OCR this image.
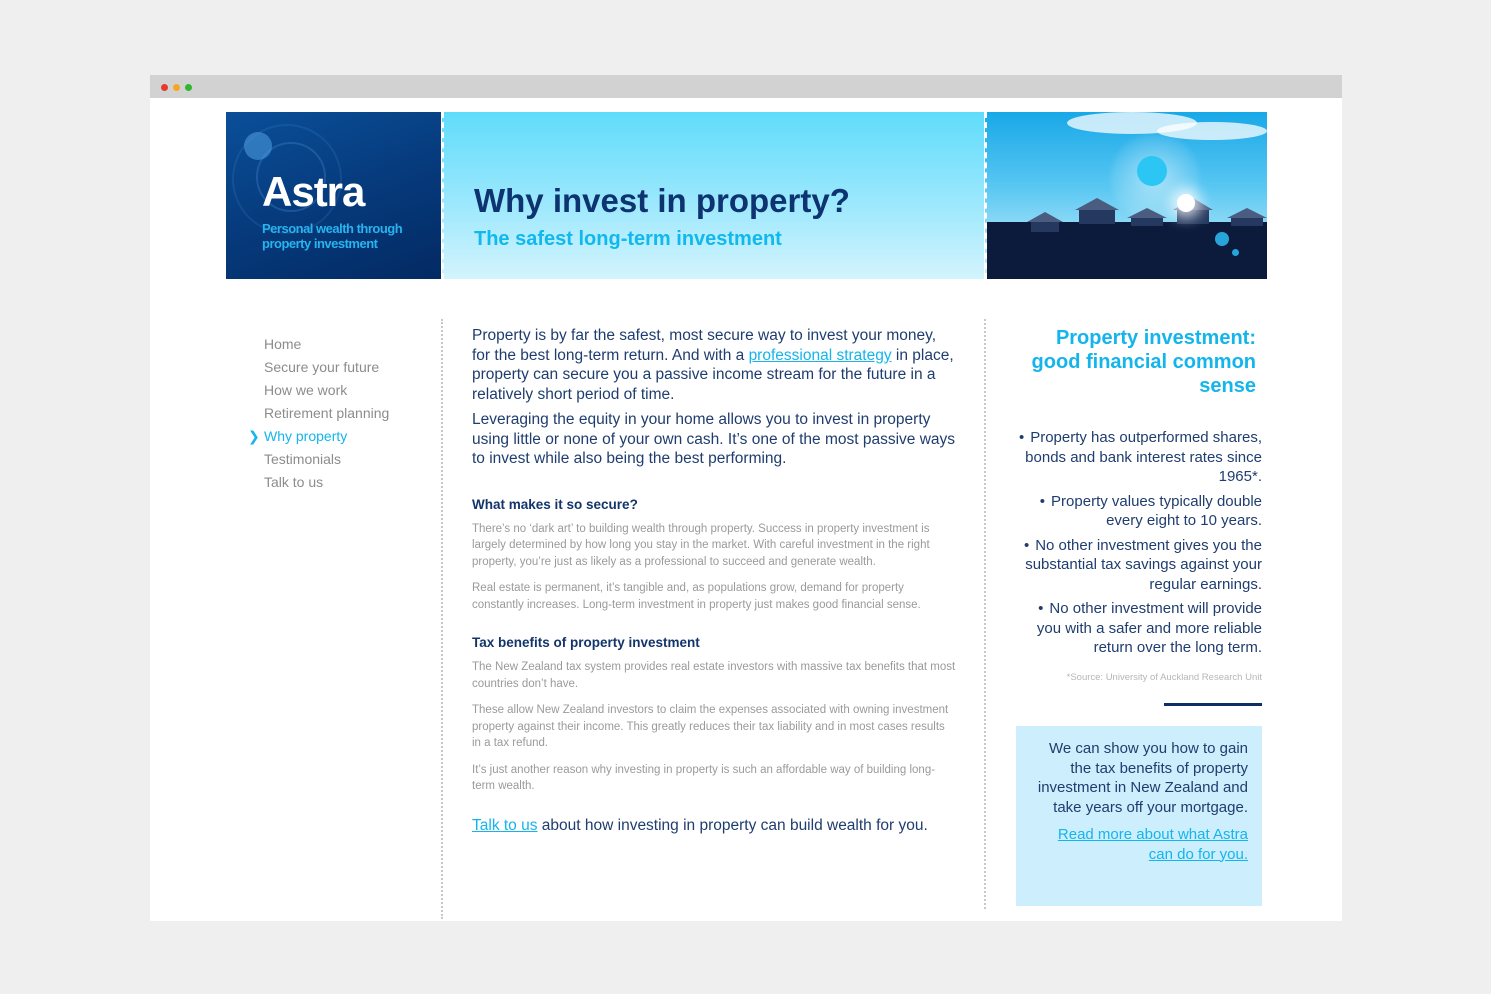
Astra
Personal wealth through
property investment
Why invest in property?
The safest long-term investment
Home
Secure your future
How we work
Retirement planning
❯ Why property
Testimonials
Talk to us

Property is by far the safest, most secure way to invest your money, for the best long-term return. And with a professional strategy in place, property can secure you a passive income stream for the future in a relatively short period of time.

Leveraging the equity in your home allows you to invest in property using little or none of your own cash. It’s one of the most passive ways to invest while also being the best performing.

What makes it so secure?

There’s no ‘dark art’ to building wealth through property. Success in property investment is largely determined by how long you stay in the market. With careful investment in the right property, you’re just as likely as a professional to succeed and generate wealth.

Real estate is permanent, it’s tangible and, as populations grow, demand for property constantly increases. Long-term investment in property just makes good financial sense.

Tax benefits of property investment

The New Zealand tax system provides real estate investors with massive tax benefits that most countries don’t have.

These allow New Zealand investors to claim the expenses associated with owning investment property against their income. This greatly reduces their tax liability and in most cases results in a tax refund.

It’s just another reason why investing in property is such an affordable way of building long-term wealth.

Talk to us about how investing in property can build wealth for you.

Property investment: good financial common sense
• Property has outperformed shares, bonds and bank interest rates since 1965*.
• Property values typically double every eight to 10 years.
• No other investment gives you the substantial tax savings against your regular earnings.
• No other investment will provide you with a safer and more reliable return over the long term.
*Source: University of Auckland Research Unit

We can show you how to gain the tax benefits of property investment in New Zealand and take years off your mortgage.

Read more about what Astra can do for you.
